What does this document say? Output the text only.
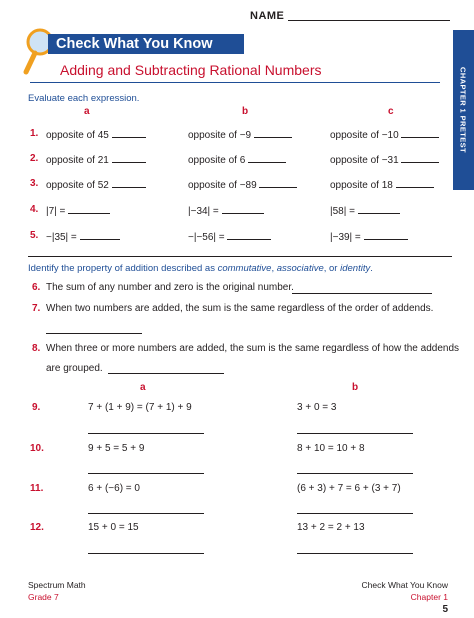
NAME
Check What You Know
Adding and Subtracting Rational Numbers	CHAPTER 1 PRETEST
Evaluate each expression.
a	b	c
1. opposite of 45	opposite of −9	opposite of −10
2. opposite of 21	opposite of 6	opposite of −31
3. opposite of 52	opposite of −89	opposite of 18
4. |7| =	|−34| =	|58| =
5. −|35| =	−|−56| =	|−39| =
Identify the property of addition described as commutative, associative, or identity.
6. The sum of any number and zero is the original number.
7. When two numbers are added, the sum is the same regardless of the order of addends.
8. When three or more numbers are added, the sum is the same regardless of how the addends
are grouped.
a	b
9.	7 + (1 + 9) = (7 + 1) + 9	3 + 0 = 3
10.	9 + 5 = 5 + 9	8 + 10 = 10 + 8
11.	6 + (−6) = 0	(6 + 3) + 7 = 6 + (3 + 7)
12.	15 + 0 = 15	13 + 2 = 2 + 13
Spectrum Math
Grade 7
Check What You Know
Chapter 1
5
